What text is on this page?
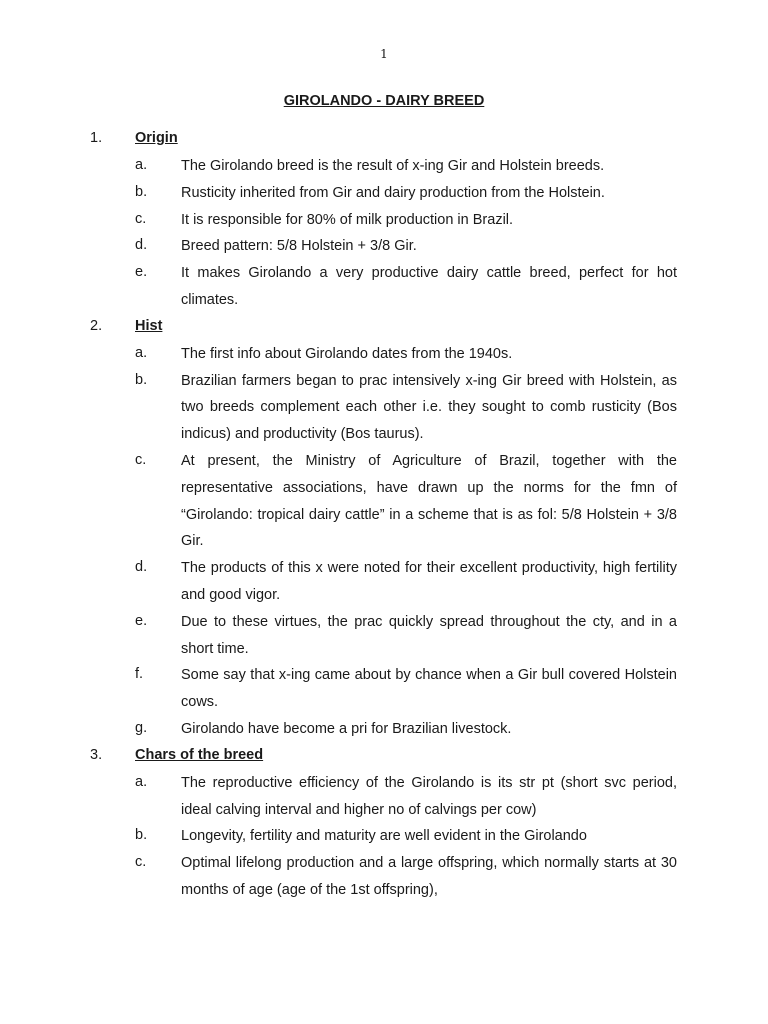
1
GIROLANDO - DAIRY BREED
1. Origin
a. The Girolando breed is the result of x-ing Gir and Holstein breeds.
b. Rusticity inherited from Gir and dairy production from the Holstein.
c. It is responsible for 80% of milk production in Brazil.
d. Breed pattern: 5/8 Holstein + 3/8 Gir.
e. It makes Girolando a very productive dairy cattle breed, perfect for hot climates.
2. Hist
a. The first info about Girolando dates from the 1940s.
b. Brazilian farmers began to prac intensively x-ing Gir breed with Holstein, as two breeds complement each other i.e. they sought to comb rusticity (Bos indicus) and productivity (Bos taurus).
c. At present, the Ministry of Agriculture of Brazil, together with the representative associations, have drawn up the norms for the fmn of “Girolando: tropical dairy cattle” in a scheme that is as fol: 5/8 Holstein + 3/8 Gir.
d. The products of this x were noted for their excellent productivity, high fertility and good vigor.
e. Due to these virtues, the prac quickly spread throughout the cty, and in a short time.
f.	Some say that x-ing came about by chance when a Gir bull covered Holstein cows.
g. Girolando have become a pri for Brazilian livestock.
3. Chars of the breed
a. The reproductive efficiency of the Girolando is its str pt (short svc period, ideal calving interval and higher no of calvings per cow)
b. Longevity, fertility and maturity are well evident in the Girolando
c. Optimal lifelong production and a large offspring, which normally starts at 30 months of age (age of the 1st offspring),
